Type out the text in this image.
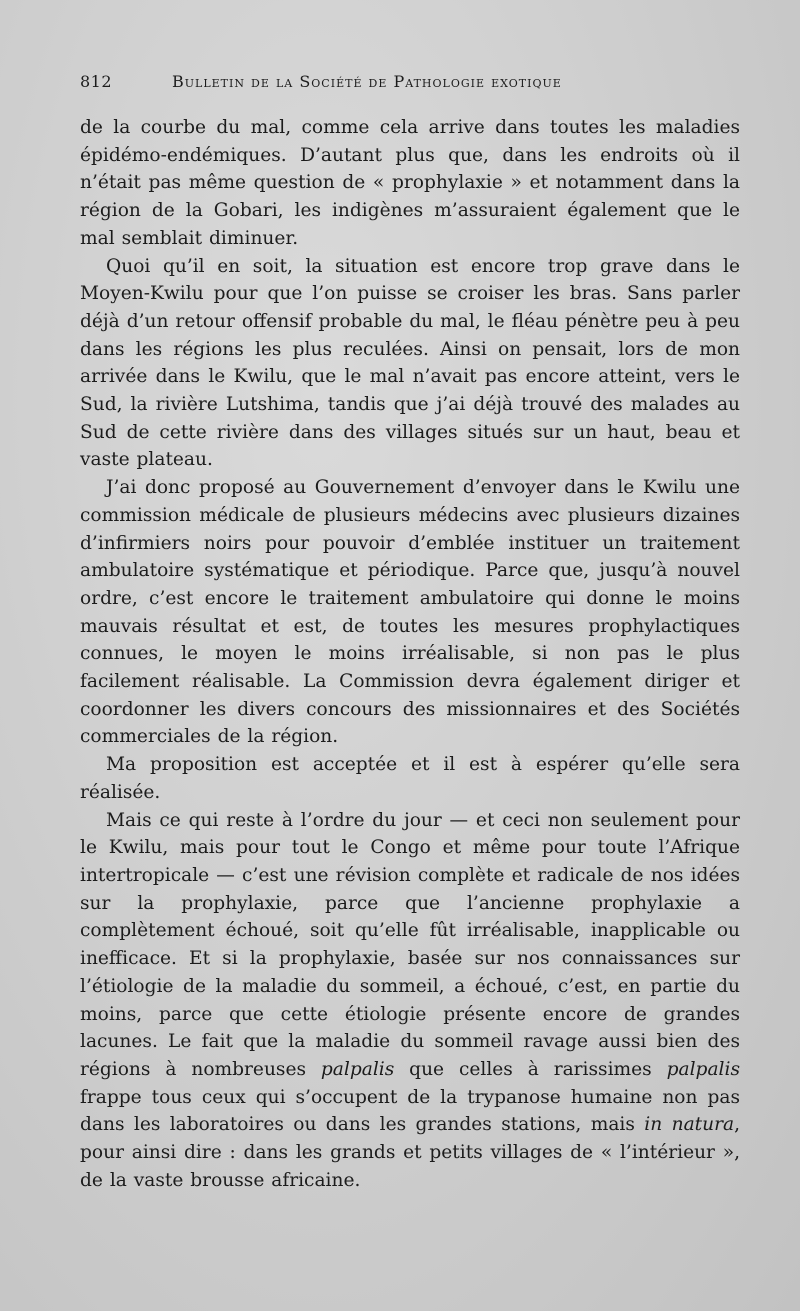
812	Bulletin de la Société de Pathologie exotique

de la courbe du mal, comme cela arrive dans toutes les maladies épidémo-endémiques. D’autant plus que, dans les endroits où il n’était pas même question de « prophylaxie » et notamment dans la région de la Gobari, les indigènes m’assuraient également que le mal semblait diminuer.

Quoi qu’il en soit, la situation est encore trop grave dans le Moyen-Kwilu pour que l’on puisse se croiser les bras. Sans parler déjà d’un retour offensif probable du mal, le fléau pénètre peu à peu dans les régions les plus reculées. Ainsi on pensait, lors de mon arrivée dans le Kwilu, que le mal n’avait pas encore atteint, vers le Sud, la rivière Lutshima, tandis que j’ai déjà trouvé des malades au Sud de cette rivière dans des villages situés sur un haut, beau et vaste plateau.

J’ai donc proposé au Gouvernement d’envoyer dans le Kwilu une commission médicale de plusieurs médecins avec plusieurs dizaines d’infirmiers noirs pour pouvoir d’emblée instituer un traitement ambulatoire systématique et périodique. Parce que, jusqu’à nouvel ordre, c’est encore le traitement ambulatoire qui donne le moins mauvais résultat et est, de toutes les mesures prophylactiques connues, le moyen le moins irréalisable, si non pas le plus facilement réalisable. La Commission devra également diriger et coordonner les divers concours des missionnaires et des Sociétés commerciales de la région.

Ma proposition est acceptée et il est à espérer qu’elle sera réalisée.

Mais ce qui reste à l’ordre du jour — et ceci non seulement pour le Kwilu, mais pour tout le Congo et même pour toute l’Afrique intertropicale — c’est une révision complète et radicale de nos idées sur la prophylaxie, parce que l’ancienne prophylaxie a complètement échoué, soit qu’elle fût irréalisable, inapplicable ou inefficace. Et si la prophylaxie, basée sur nos connaissances sur l’étiologie de la maladie du sommeil, a échoué, c’est, en partie du moins, parce que cette étiologie présente encore de grandes lacunes. Le fait que la maladie du sommeil ravage aussi bien des régions à nombreuses palpalis que celles à rarissimes palpalis frappe tous ceux qui s’occupent de la trypanose humaine non pas dans les laboratoires ou dans les grandes stations, mais in natura, pour ainsi dire : dans les grands et petits villages de « l’intérieur », de la vaste brousse africaine.
